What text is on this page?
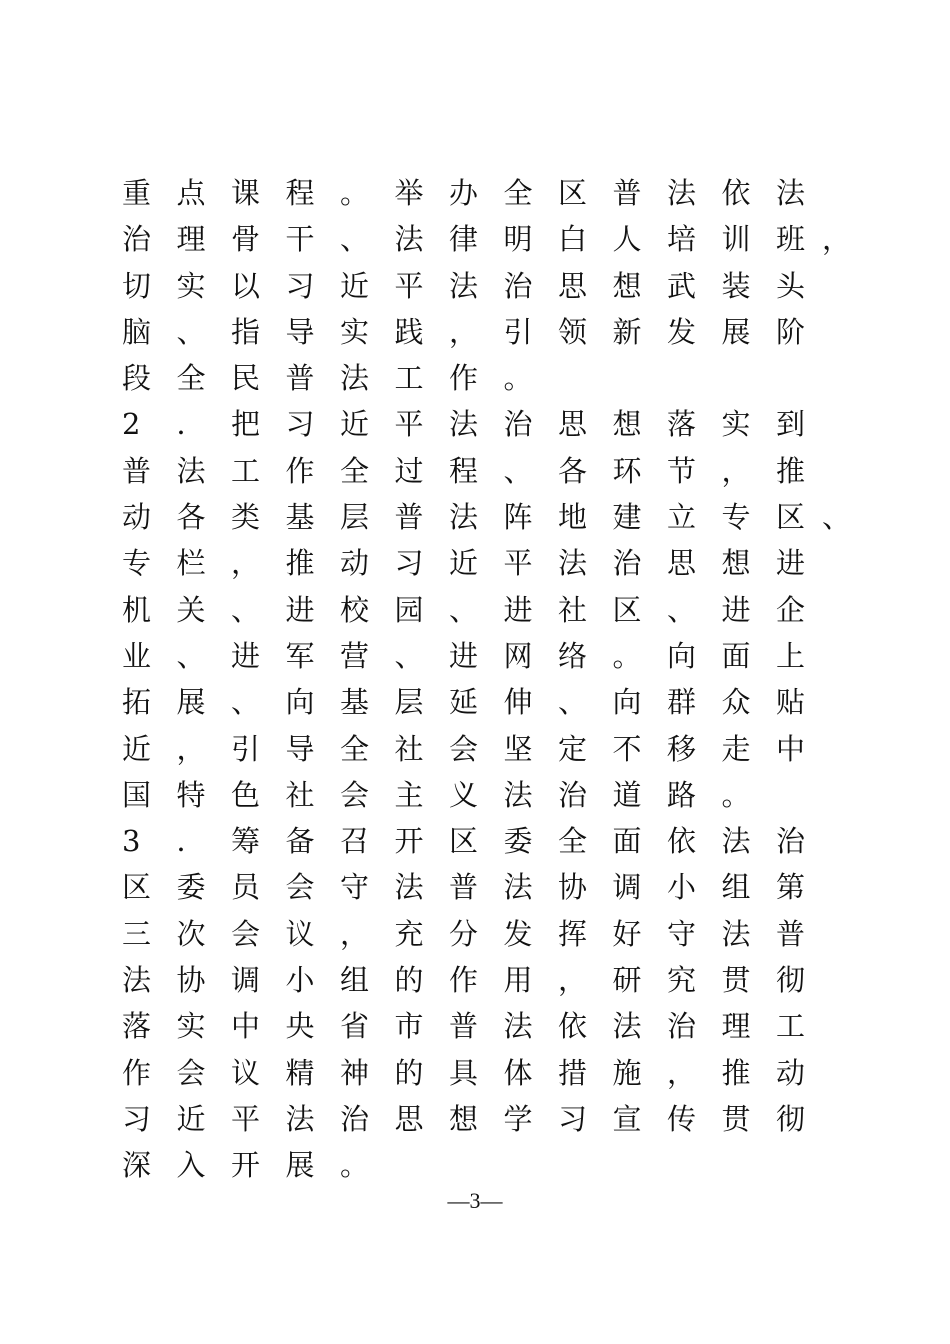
重 点 课 程 。 举 办 全 区 普 法 依 法
治 理 骨 干 、 法 律 明 白 人 培 训 班 ，
切 实 以 习 近 平 法 治 思 想 武 装 头
脑 、 指 导 实 践 ， 引 领 新 发 展 阶
段 全 民 普 法 工 作 。
2 ． 把 习 近 平 法 治 思 想 落 实 到
普 法 工 作 全 过 程 、 各 环 节 ， 推
动 各 类 基 层 普 法 阵 地 建 立 专 区 、
专 栏 ， 推 动 习 近 平 法 治 思 想 进
机 关 、 进 校 园 、 进 社 区 、 进 企
业 、 进 军 营 、 进 网 络 。 向 面 上
拓 展 、 向 基 层 延 伸 、 向 群 众 贴
近 ， 引 导 全 社 会 坚 定 不 移 走 中
国 特 色 社 会 主 义 法 治 道 路 。
3 ． 筹 备 召 开 区 委 全 面 依 法 治
区 委 员 会 守 法 普 法 协 调 小 组 第
三 次 会 议 ， 充 分 发 挥 好 守 法 普
法 协 调 小 组 的 作 用 ， 研 究 贯 彻
落 实 中 央 省 市 普 法 依 法 治 理 工
作 会 议 精 神 的 具 体 措 施 ， 推 动
习 近 平 法 治 思 想 学 习 宣 传 贯 彻
深 入 开 展 。
—3—
